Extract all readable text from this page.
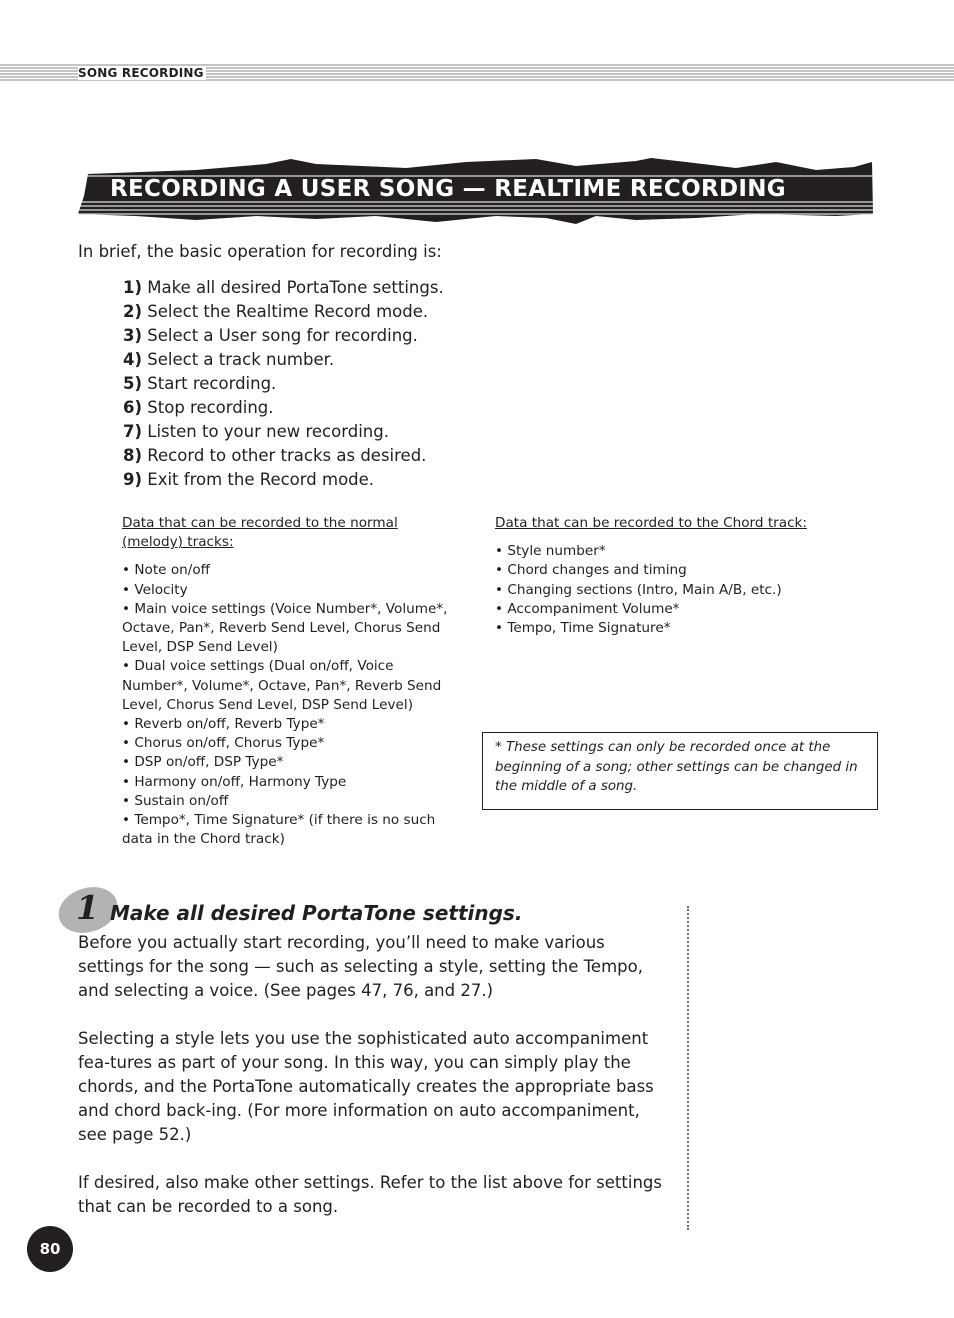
SONG RECORDING
RECORDING A USER SONG — REALTIME RECORDING
In brief, the basic operation for recording is:
1) Make all desired PortaTone settings.
2) Select the Realtime Record mode.
3) Select a User song for recording.
4) Select a track number.
5) Start recording.
6) Stop recording.
7) Listen to your new recording.
8) Record to other tracks as desired.
9) Exit from the Record mode.
Data that can be recorded to the normal (melody) tracks:
• Note on/off
• Velocity
• Main voice settings (Voice Number*, Volume*, Octave, Pan*, Reverb Send Level, Chorus Send Level, DSP Send Level)
• Dual voice settings (Dual on/off, Voice Number*, Volume*, Octave, Pan*, Reverb Send Level, Chorus Send Level, DSP Send Level)
• Reverb on/off, Reverb Type*
• Chorus on/off, Chorus Type*
• DSP on/off, DSP Type*
• Harmony on/off, Harmony Type
• Sustain on/off
• Tempo*, Time Signature* (if there is no such data in the Chord track)
Data that can be recorded to the Chord track:
• Style number*
• Chord changes and timing
• Changing sections (Intro, Main A/B, etc.)
• Accompaniment Volume*
• Tempo, Time Signature*
* These settings can only be recorded once at the beginning of a song; other settings can be changed in the middle of a song.
1 Make all desired PortaTone settings.

Before you actually start recording, you’ll need to make various settings for the song — such as selecting a style, setting the Tempo, and selecting a voice. (See pages 47, 76, and 27.)

Selecting a style lets you use the sophisticated auto accompaniment fea-tures as part of your song. In this way, you can simply play the chords, and the PortaTone automatically creates the appropriate bass and chord back-ing. (For more information on auto accompaniment, see page 52.)

If desired, also make other settings. Refer to the list above for settings that can be recorded to a song.

80
